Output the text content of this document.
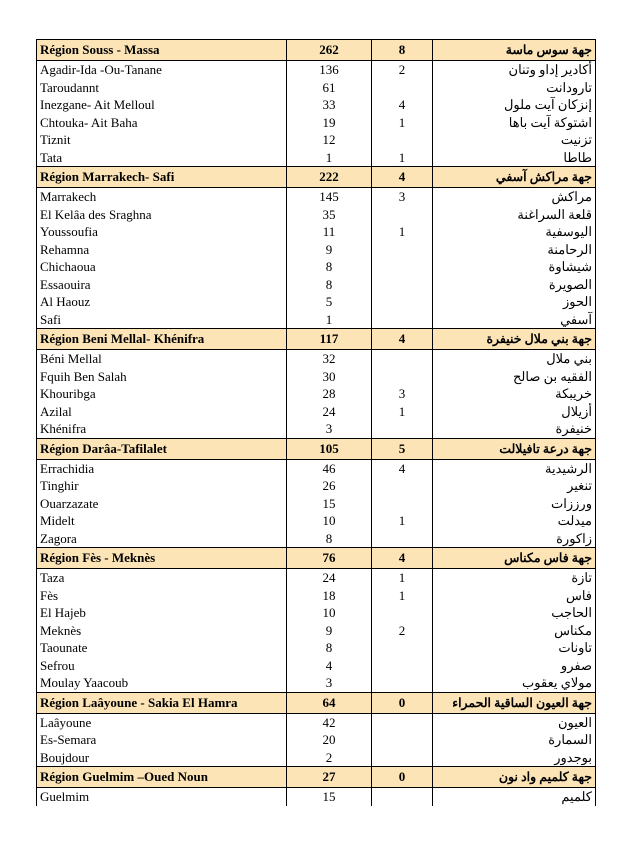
Région Souss - Massa	262	8	جهة سوس ماسة
Agadir-Ida -Ou-Tanane	136	2	أكادير إداو وتنان
Taroudannt	61		تارودانت
Inezgane- Ait Melloul	33	4	إنزكان آيت ملول
Chtouka- Ait Baha	19	1	اشتوكة آيت باها
Tiznit	12		تزنيت
Tata	1	1	طاطا
Région Marrakech- Safi	222	4	جهة مراكش آسفي
Marrakech	145	3	مراكش
El Kelâa des Sraghna	35		قلعة السراغنة
Youssoufia	11	1	اليوسفية
Rehamna	9		الرحامنة
Chichaoua	8		شيشاوة
Essaouira	8		الصويرة
Al Haouz	5		الحوز
Safi	1		آسفي
Région Beni Mellal- Khénifra	117	4	جهة بني ملال خنيفرة
Béni Mellal	32		بني ملال
Fquih Ben Salah	30		الفقيه بن صالح
Khouribga	28	3	خريبكة
Azilal	24	1	أزيلال
Khénifra	3		خنيفرة
Région Darâa-Tafilalet	105	5	جهة درعة تافيلالت
Errachidia	46	4	الرشيدية
Tinghir	26		تنغير
Ouarzazate	15		ورززات
Midelt	10	1	ميدلت
Zagora	8		زاكورة
Région Fès - Meknès	76	4	جهة فاس مكناس
Taza	24	1	تازة
Fès	18	1	فاس
El Hajeb	10		الحاجب
Meknès	9	2	مكناس
Taounate	8		تاونات
Sefrou	4		صفرو
Moulay Yaacoub	3		مولاي يعقوب
Région Laâyoune - Sakia El Hamra	64	0	جهة العيون الساقية الحمراء
Laâyoune	42		العيون
Es-Semara	20		السمارة
Boujdour	2		بوجدور
Région Guelmim –Oued Noun	27	0	جهة كلميم واد نون
Guelmim	15		كلميم
